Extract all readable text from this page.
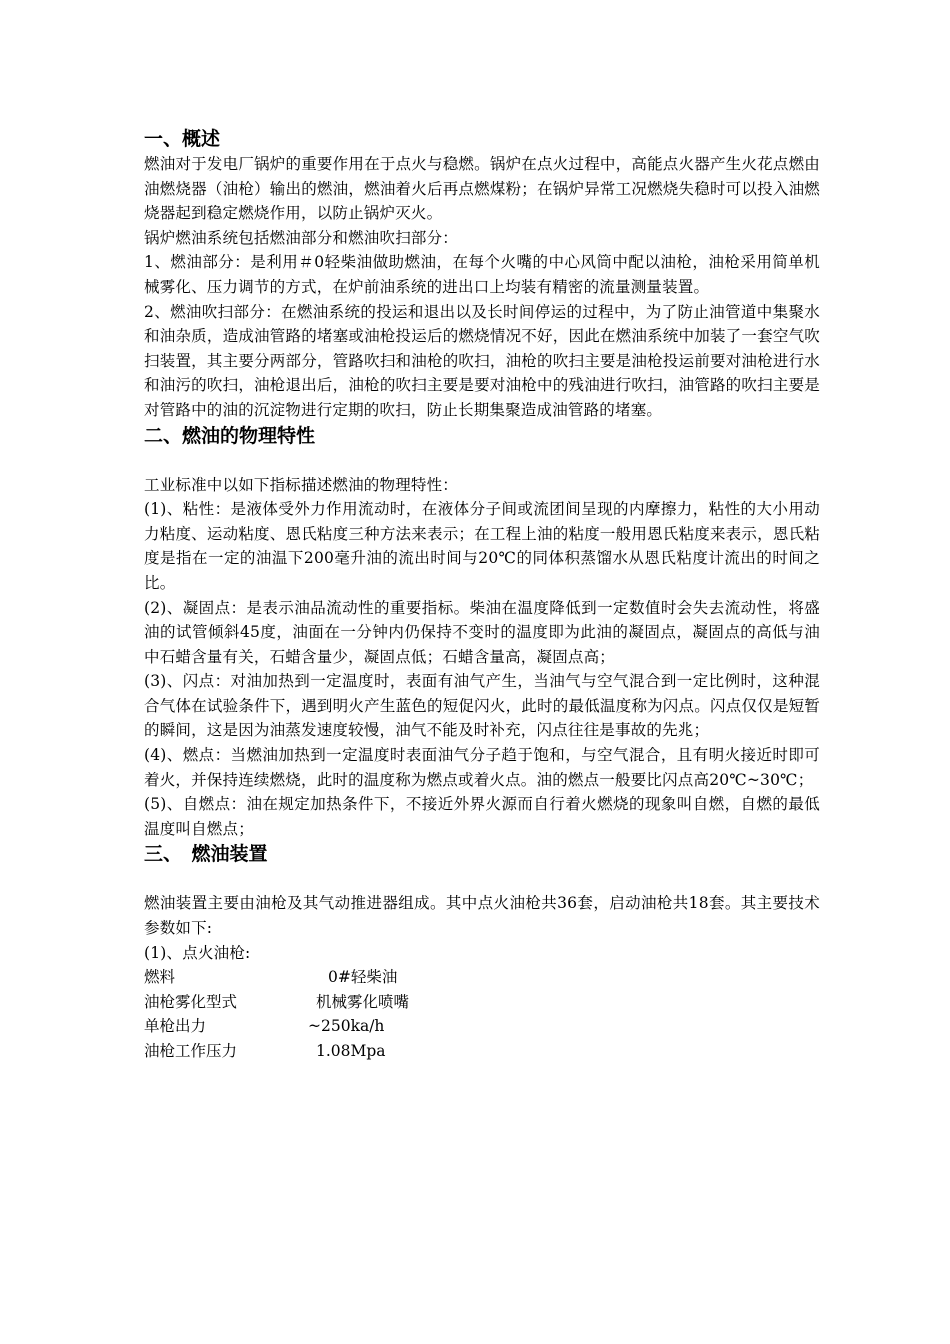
一、概述

燃油对于发电厂锅炉的重要作用在于点火与稳燃。锅炉在点火过程中，高能点火器产生火花点燃由油燃烧器（油枪）输出的燃油，燃油着火后再点燃煤粉；在锅炉异常工况燃烧失稳时可以投入油燃烧器起到稳定燃烧作用，以防止锅炉灭火。

锅炉燃油系统包括燃油部分和燃油吹扫部分：

1、燃油部分：是利用＃0轻柴油做助燃油，在每个火嘴的中心风筒中配以油枪，油枪采用简单机械雾化、压力调节的方式，在炉前油系统的进出口上均装有精密的流量测量装置。

2、燃油吹扫部分：在燃油系统的投运和退出以及长时间停运的过程中，为了防止油管道中集聚水和油杂质，造成油管路的堵塞或油枪投运后的燃烧情况不好，因此在燃油系统中加装了一套空气吹扫装置，其主要分两部分，管路吹扫和油枪的吹扫，油枪的吹扫主要是油枪投运前要对油枪进行水和油污的吹扫，油枪退出后，油枪的吹扫主要是要对油枪中的残油进行吹扫，油管路的吹扫主要是对管路中的油的沉淀物进行定期的吹扫，防止长期集聚造成油管路的堵塞。

二、燃油的物理特性

工业标准中以如下指标描述燃油的物理特性：

(1)、粘性：是液体受外力作用流动时，在液体分子间或流团间呈现的内摩擦力，粘性的大小用动力粘度、运动粘度、恩氏粘度三种方法来表示；在工程上油的粘度一般用恩氏粘度来表示，恩氏粘度是指在一定的油温下200毫升油的流出时间与20℃的同体积蒸馏水从恩氏粘度计流出的时间之比。

(2)、凝固点：是表示油品流动性的重要指标。柴油在温度降低到一定数值时会失去流动性，将盛油的试管倾斜45度，油面在一分钟内仍保持不变时的温度即为此油的凝固点，凝固点的高低与油中石蜡含量有关，石蜡含量少，凝固点低；石蜡含量高，凝固点高；

(3)、闪点：对油加热到一定温度时，表面有油气产生，当油气与空气混合到一定比例时，这种混合气体在试验条件下，遇到明火产生蓝色的短促闪火，此时的最低温度称为闪点。闪点仅仅是短暂的瞬间，这是因为油蒸发速度较慢，油气不能及时补充，闪点往往是事故的先兆；

(4)、燃点：当燃油加热到一定温度时表面油气分子趋于饱和，与空气混合，且有明火接近时即可着火，并保持连续燃烧，此时的温度称为燃点或着火点。油的燃点一般要比闪点高20℃~30℃；

(5)、自燃点：油在规定加热条件下，不接近外界火源而自行着火燃烧的现象叫自燃，自燃的最低温度叫自燃点；

三、　燃油装置

燃油装置主要由油枪及其气动推进器组成。其中点火油枪共36套，启动油枪共18套。其主要技术参数如下:

(1)、点火油枪:

燃料	0#轻柴油
油枪雾化型式	机械雾化喷嘴
单枪出力	~250ka/h
油枪工作压力	1.08Mpa
